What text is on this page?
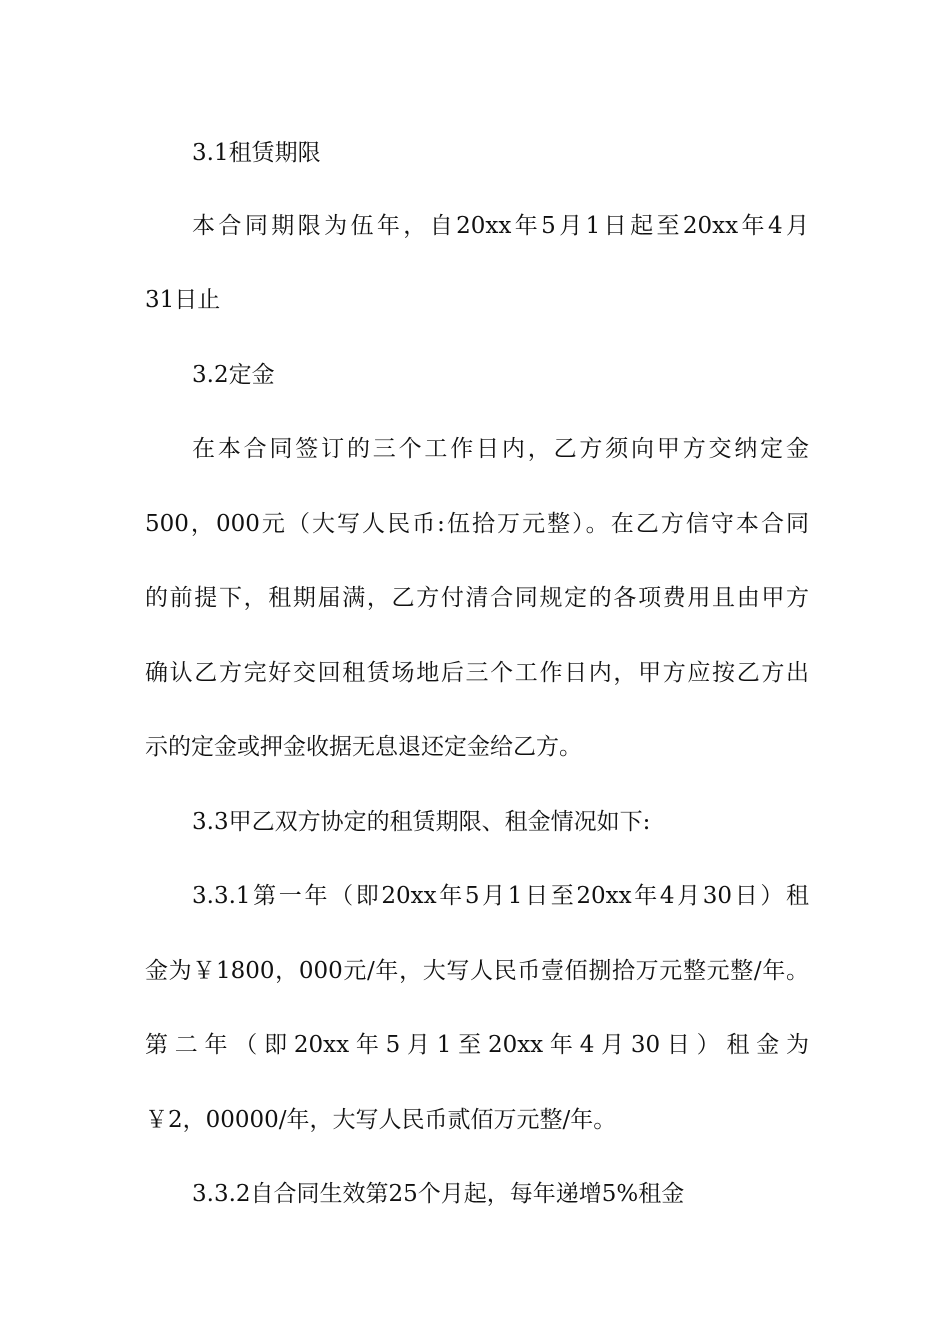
3.1租赁期限
本合同期限为伍年，自20xx年5月1日起至20xx年4月
31日止
3.2定金
在本合同签订的三个工作日内，乙方须向甲方交纳定金
500，000元（大写人民币:伍拾万元整）。在乙方信守本合同
的前提下，租期届满，乙方付清合同规定的各项费用且由甲方
确认乙方完好交回租赁场地后三个工作日内，甲方应按乙方出
示的定金或押金收据无息退还定金给乙方。
3.3甲乙双方协定的租赁期限、租金情况如下:
3.3.1第一年（即20xx年5月1日至20xx年4月30日）租
金为￥1800，000元/年，大写人民币壹佰捌拾万元整元整/年。
第二年（即20xx年5月1至20xx年4月30日）租金为
￥2，00000/年，大写人民币贰佰万元整/年。
3.3.2自合同生效第25个月起，每年递增5%租金
